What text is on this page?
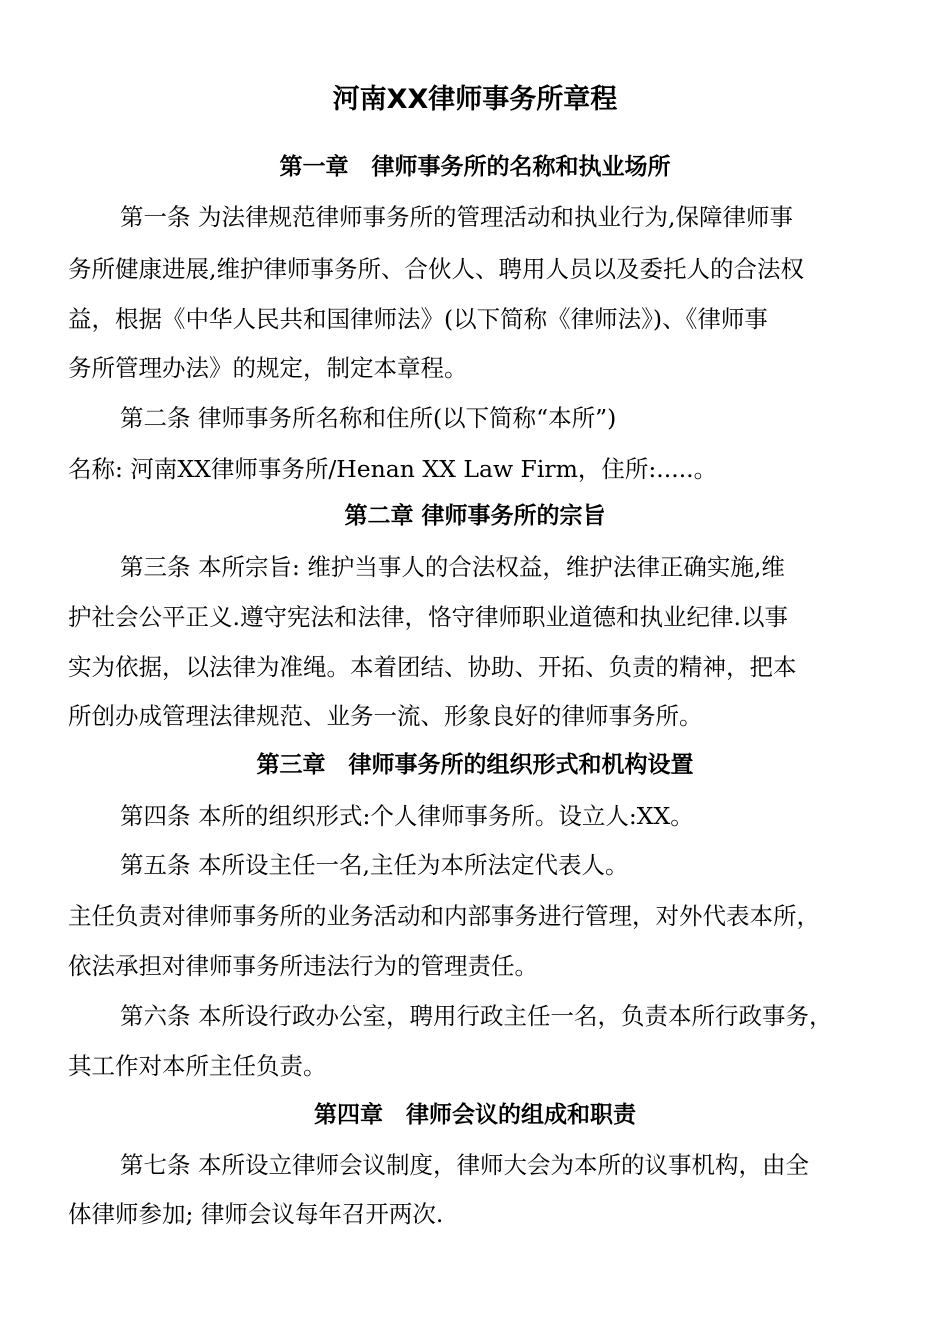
河南XX律师事务所章程
第一章　律师事务所的名称和执业场所
第一条 为法律规范律师事务所的管理活动和执业行为,保障律师事
务所健康进展,维护律师事务所、合伙人、聘用人员以及委托人的合法权
益，根据《中华人民共和国律师法》(以下简称《律师法》)、《律师事
务所管理办法》的规定，制定本章程。
第二条 律师事务所名称和住所(以下简称“本所”)
名称: 河南XX律师事务所/Henan XX Law Firm，住所:.....。
第二章 律师事务所的宗旨
第三条 本所宗旨: 维护当事人的合法权益，维护法律正确实施,维
护社会公平正义.遵守宪法和法律，恪守律师职业道德和执业纪律.以事
实为依据，以法律为准绳。本着团结、协助、开拓、负责的精神，把本
所创办成管理法律规范、业务一流、形象良好的律师事务所。
第三章　律师事务所的组织形式和机构设置
第四条 本所的组织形式:个人律师事务所。设立人:XX。
第五条 本所设主任一名,主任为本所法定代表人。
主任负责对律师事务所的业务活动和内部事务进行管理，对外代表本所，
依法承担对律师事务所违法行为的管理责任。
第六条 本所设行政办公室，聘用行政主任一名，负责本所行政事务，
其工作对本所主任负责。
第四章　律师会议的组成和职责
第七条 本所设立律师会议制度，律师大会为本所的议事机构，由全
体律师参加; 律师会议每年召开两次.
